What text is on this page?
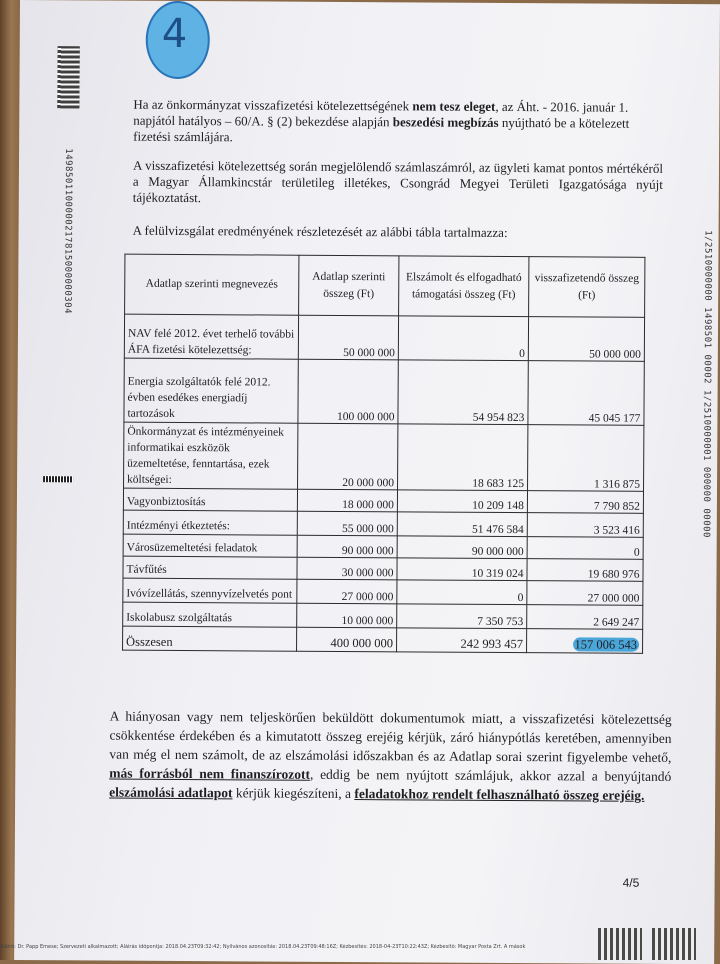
4
1498501100000217815000000304	1/2510000000 1498501 00002 1/2510000001 000000 00000
Ha az önkormányzat visszafizetési kötelezettségének nem tesz eleget, az Áht. - 2016. január 1. napjától hatályos – 60/A. § (2) bekezdése alapján beszedési megbízás nyújtható be a kötelezett fizetési számlájára.
A visszafizetési kötelezettség során megjelölendő számlaszámról, az ügyleti kamat pontos mértékéről a Magyar Államkincstár területileg illetékes, Csongrád Megyei Területi Igazgatósága nyújt tájékoztatást.
A felülvizsgálat eredményének részletezését az alábbi tábla tartalmazza:
Adatlap szerinti megnevezés	Adatlap szerinti összeg (Ft)	Elszámolt és elfogadható támogatási összeg (Ft)	visszafizetendő összeg (Ft)
NAV felé 2012. évet terhelő további ÁFA fizetési kötelezettség:	50 000 000	0	50 000 000
Energia szolgáltatók felé 2012. évben esedékes energiadíj tartozások	100 000 000	54 954 823	45 045 177
Önkormányzat és intézményeinek informatikai eszközök üzemeltetése, fenntartása, ezek költségei:	20 000 000	18 683 125	1 316 875
Vagyonbiztosítás	18 000 000	10 209 148	7 790 852
Intézményi étkeztetés:	55 000 000	51 476 584	3 523 416
Városüzemeltetési feladatok	90 000 000	90 000 000	0
Távfűtés	30 000 000	10 319 024	19 680 976
Ivóvízellátás, szennyvízelvetés pont	27 000 000	0	27 000 000
Iskolabusz szolgáltatás	10 000 000	7 350 753	2 649 247
Összesen	400 000 000	242 993 457	157 006 543
A hiányosan vagy nem teljeskörűen beküldött dokumentumok miatt, a visszafizetési kötelezettség csökkentése érdekében és a kimutatott összeg erejéig kérjük, záró hiánypótlás keretében, amennyiben van még el nem számolt, de az elszámolási időszakban és az Adatlap sorai szerint figyelembe vehető, más forrásból nem finanszírozott, eddig be nem nyújtott számlájuk, akkor azzal a benyújtandó elszámolási adatlapot kérjük kiegészíteni, a feladatokhoz rendelt felhasználható összeg erejéig.
4/5
Aláíró: Dr. Papp Emese; Szervezeti alkalmazott; Aláírás időpontja: 2018.04.23T09:32:42; Nyilvános azonosítás: 2018.04.23T09:48:16Z; Kézbesítés: 2018-04-23T10:22:43Z; Kézbesítő: Magyar Posta Zrt. A mások
